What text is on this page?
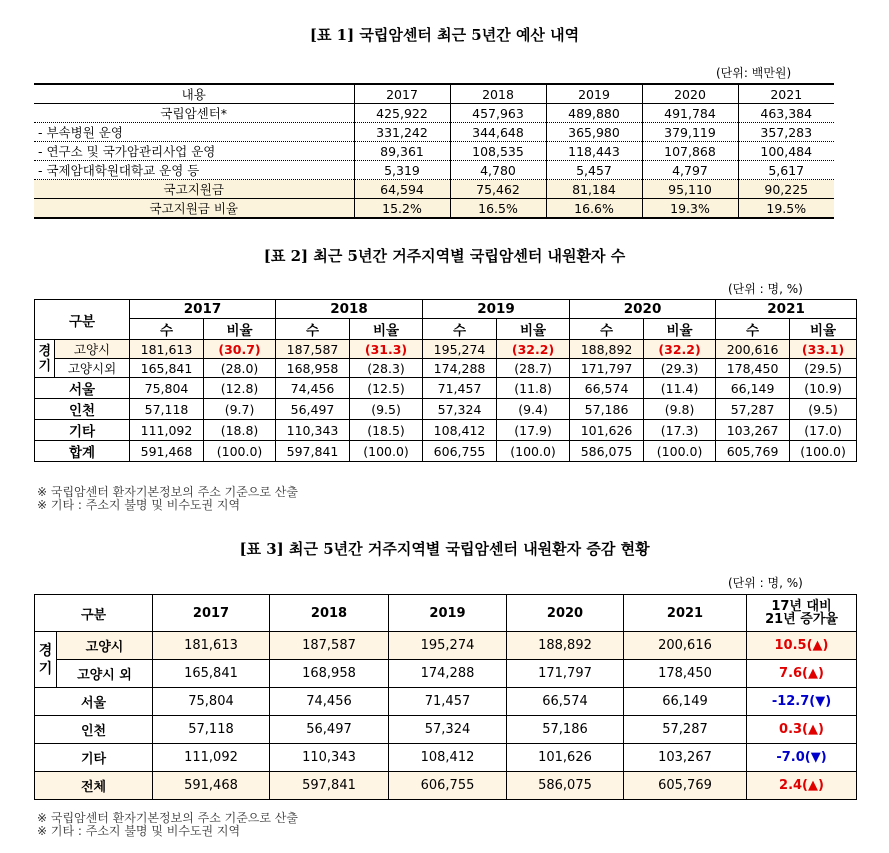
[표 1] 국립암센터 최근 5년간 예산 내역
(단위: 백만원)
내용	2017	2018	2019	2020	2021
국립암센터*	425,922	457,963	489,880	491,784	463,384
- 부속병원 운영	331,242	344,648	365,980	379,119	357,283
- 연구소 및 국가암관리사업 운영	89,361	108,535	118,443	107,868	100,484
- 국제암대학원대학교 운영 등	5,319	4,780	5,457	4,797	5,617
국고지원금	64,594	75,462	81,184	95,110	90,225
국고지원금 비율	15.2%	16.5%	16.6%	19.3%	19.5%
[표 2] 최근 5년간 거주지역별 국립암센터 내원환자 수
(단위 : 명, %)
구분		2017		2018		2019		2020		2021	
		수	비율	수	비율	수	비율	수	비율	수	비율
경기	고양시	181,613	(30.7)	187,587	(31.3)	195,274	(32.2)	188,892	(32.2)	200,616	(33.1)
	고양시외	165,841	(28.0)	168,958	(28.3)	174,288	(28.7)	171,797	(29.3)	178,450	(29.5)
서울		75,804	(12.8)	74,456	(12.5)	71,457	(11.8)	66,574	(11.4)	66,149	(10.9)
인천		57,118	(9.7)	56,497	(9.5)	57,324	(9.4)	57,186	(9.8)	57,287	(9.5)
기타		111,092	(18.8)	110,343	(18.5)	108,412	(17.9)	101,626	(17.3)	103,267	(17.0)
합계		591,468	(100.0)	597,841	(100.0)	606,755	(100.0)	586,075	(100.0)	605,769	(100.0)
※ 국립암센터 환자기본정보의 주소 기준으로 산출
※ 기타 : 주소지 불명 및 비수도권 지역
[표 3] 최근 5년간 거주지역별 국립암센터 내원환자 증감 현황
(단위 : 명, %)
구분		2017	2018	2019	2020	2021	17년 대비
21년 증가율

경기	고양시	181,613	187,587	195,274	188,892	200,616	10.5(▲)
	고양시 외	165,841	168,958	174,288	171,797	178,450	7.6(▲)
서울		75,804	74,456	71,457	66,574	66,149	-12.7(▼)
인천		57,118	56,497	57,324	57,186	57,287	0.3(▲)
기타		111,092	110,343	108,412	101,626	103,267	-7.0(▼)
전체		591,468	597,841	606,755	586,075	605,769	2.4(▲)
※ 국립암센터 환자기본정보의 주소 기준으로 산출
※ 기타 : 주소지 불명 및 비수도권 지역
